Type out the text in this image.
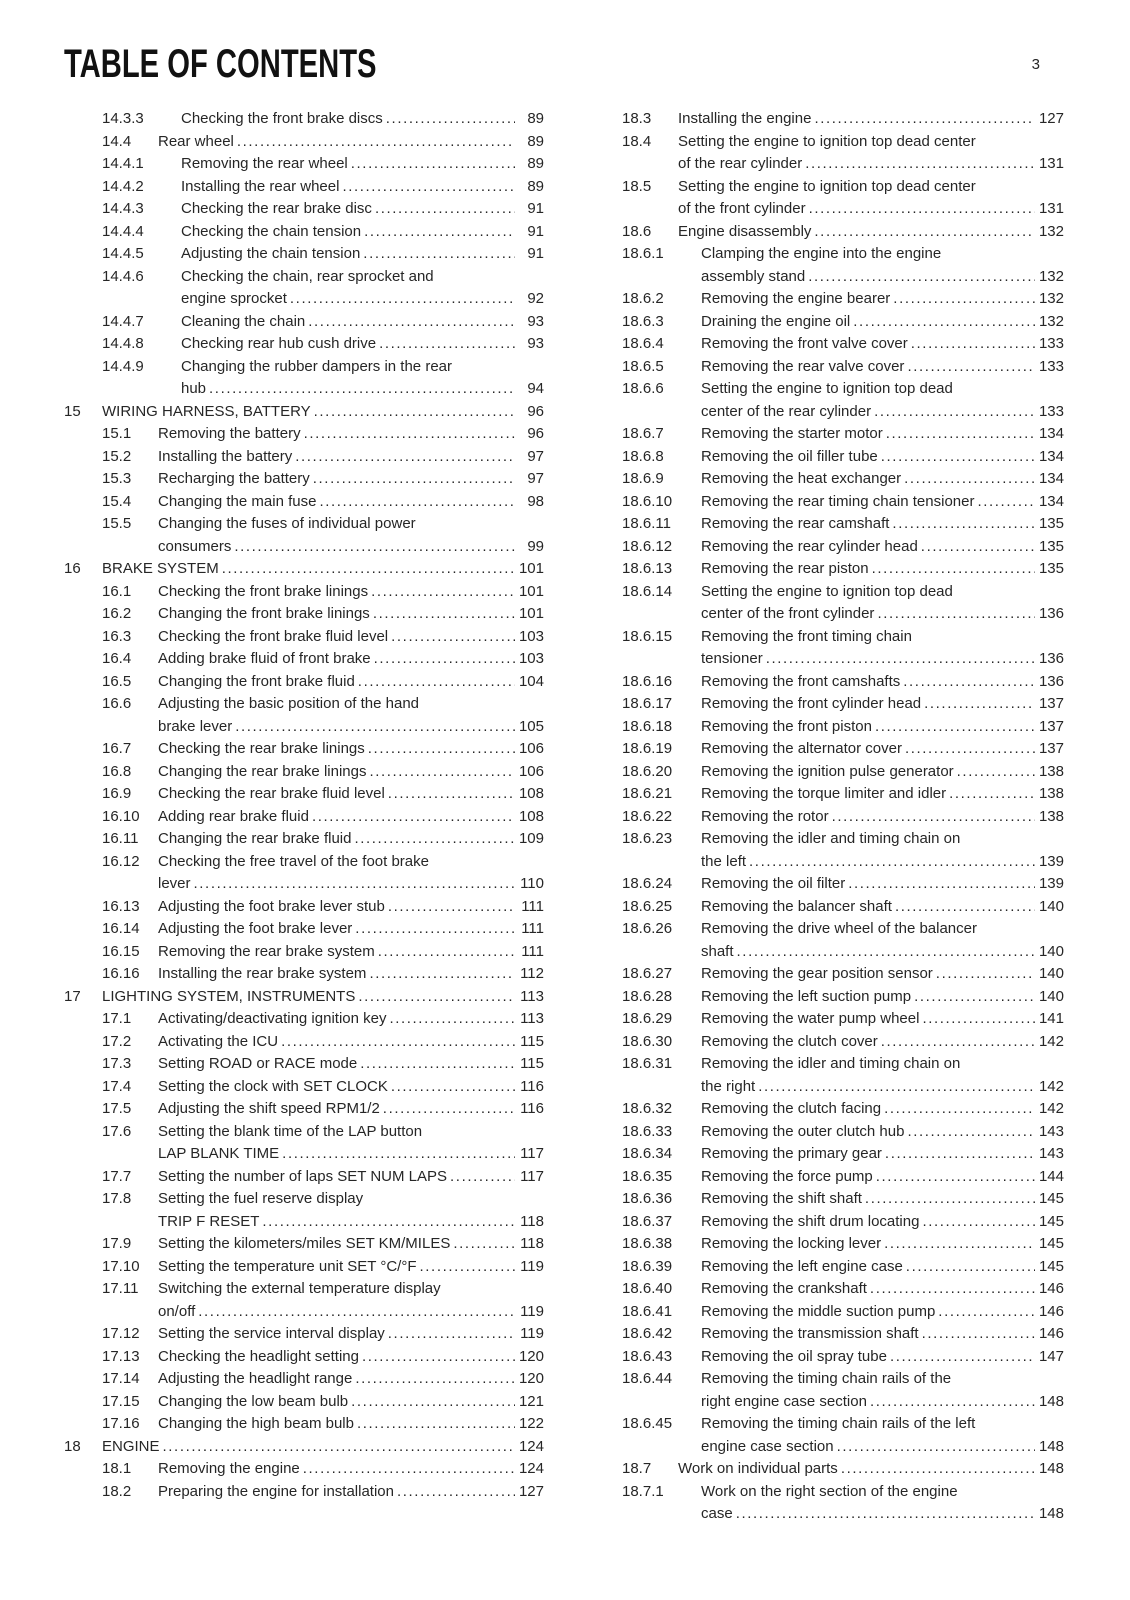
TABLE OF CONTENTS	3
14.3.3	Checking the front brake discs .....	89
14.4	Rear wheel .....	89
14.4.1	Removing the rear wheel .....	89
14.4.2	Installing the rear wheel .....	89
14.4.3	Checking the rear brake disc .....	91
14.4.4	Checking the chain tension .....	91
14.4.5	Adjusting the chain tension .....	91
14.4.6	Checking the chain, rear sprocket and
engine sprocket .....	92
14.4.7	Cleaning the chain .....	93
14.4.8	Checking rear hub cush drive .....	93
14.4.9	Changing the rubber dampers in the rear
hub .....	94
15	WIRING HARNESS, BATTERY .....	96
15.1	Removing the battery .....	96
15.2	Installing the battery .....	97
15.3	Recharging the battery .....	97
15.4	Changing the main fuse .....	98
15.5	Changing the fuses of individual power
consumers .....	99
16	BRAKE SYSTEM .....	101
16.1	Checking the front brake linings .....	101
16.2	Changing the front brake linings .....	101
16.3	Checking the front brake fluid level .....	103
16.4	Adding brake fluid of front brake .....	103
16.5	Changing the front brake fluid .....	104
16.6	Adjusting the basic position of the hand
brake lever .....	105
16.7	Checking the rear brake linings .....	106
16.8	Changing the rear brake linings .....	106
16.9	Checking the rear brake fluid level .....	108
16.10	Adding rear brake fluid .....	108
16.11	Changing the rear brake fluid .....	109
16.12	Checking the free travel of the foot brake
lever .....	110
16.13	Adjusting the foot brake lever stub .....	111
16.14	Adjusting the foot brake lever .....	111
16.15	Removing the rear brake system .....	111
16.16	Installing the rear brake system .....	112
17	LIGHTING SYSTEM, INSTRUMENTS .....	113
17.1	Activating/deactivating ignition key .....	113
17.2	Activating the ICU .....	115
17.3	Setting ROAD or RACE mode .....	115
17.4	Setting the clock with SET CLOCK .....	116
17.5	Adjusting the shift speed RPM1/2 .....	116
17.6	Setting the blank time of the LAP button
LAP BLANK TIME .....	117
17.7	Setting the number of laps SET NUM LAPS .....	117
17.8	Setting the fuel reserve display
TRIP F RESET .....	118
17.9	Setting the kilometers/miles SET KM/MILES .....	118
17.10	Setting the temperature unit SET °C/°F .....	119
17.11	Switching the external temperature display
on/off .....	119
17.12	Setting the service interval display .....	119
17.13	Checking the headlight setting .....	120
17.14	Adjusting the headlight range .....	120
17.15	Changing the low beam bulb .....	121
17.16	Changing the high beam bulb .....	122
18	ENGINE .....	124
18.1	Removing the engine .....	124
18.2	Preparing the engine for installation .....	127
18.3	Installing the engine .....	127
18.4	Setting the engine to ignition top dead center
of the rear cylinder .....	131
18.5	Setting the engine to ignition top dead center
of the front cylinder .....	131
18.6	Engine disassembly .....	132
18.6.1	Clamping the engine into the engine
assembly stand .....	132
18.6.2	Removing the engine bearer .....	132
18.6.3	Draining the engine oil .....	132
18.6.4	Removing the front valve cover .....	133
18.6.5	Removing the rear valve cover .....	133
18.6.6	Setting the engine to ignition top dead
center of the rear cylinder .....	133
18.6.7	Removing the starter motor .....	134
18.6.8	Removing the oil filler tube .....	134
18.6.9	Removing the heat exchanger .....	134
18.6.10	Removing the rear timing chain tensioner .....	134
18.6.11	Removing the rear camshaft .....	135
18.6.12	Removing the rear cylinder head .....	135
18.6.13	Removing the rear piston .....	135
18.6.14	Setting the engine to ignition top dead
center of the front cylinder .....	136
18.6.15	Removing the front timing chain
tensioner .....	136
18.6.16	Removing the front camshafts .....	136
18.6.17	Removing the front cylinder head .....	137
18.6.18	Removing the front piston .....	137
18.6.19	Removing the alternator cover .....	137
18.6.20	Removing the ignition pulse generator .....	138
18.6.21	Removing the torque limiter and idler .....	138
18.6.22	Removing the rotor .....	138
18.6.23	Removing the idler and timing chain on
the left .....	139
18.6.24	Removing the oil filter .....	139
18.6.25	Removing the balancer shaft .....	140
18.6.26	Removing the drive wheel of the balancer
shaft .....	140
18.6.27	Removing the gear position sensor .....	140
18.6.28	Removing the left suction pump .....	140
18.6.29	Removing the water pump wheel .....	141
18.6.30	Removing the clutch cover .....	142
18.6.31	Removing the idler and timing chain on
the right .....	142
18.6.32	Removing the clutch facing .....	142
18.6.33	Removing the outer clutch hub .....	143
18.6.34	Removing the primary gear .....	143
18.6.35	Removing the force pump .....	144
18.6.36	Removing the shift shaft .....	145
18.6.37	Removing the shift drum locating .....	145
18.6.38	Removing the locking lever .....	145
18.6.39	Removing the left engine case .....	145
18.6.40	Removing the crankshaft .....	146
18.6.41	Removing the middle suction pump .....	146
18.6.42	Removing the transmission shaft .....	146
18.6.43	Removing the oil spray tube .....	147
18.6.44	Removing the timing chain rails of the
right engine case section .....	148
18.6.45	Removing the timing chain rails of the left
engine case section .....	148
18.7	Work on individual parts .....	148
18.7.1	Work on the right section of the engine
case .....	148
